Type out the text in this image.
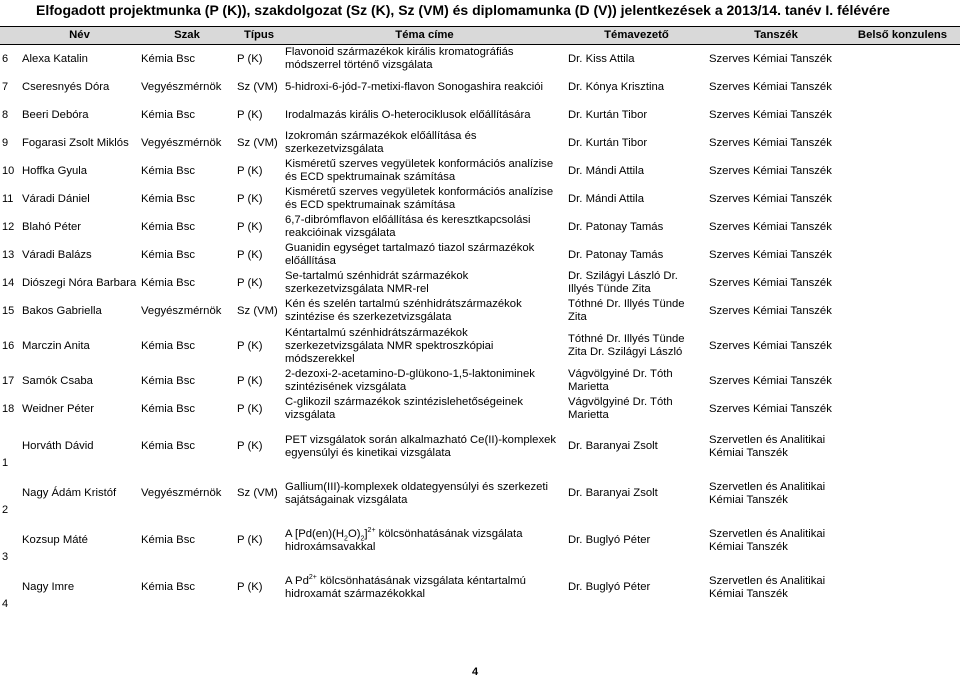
Elfogadott projektmunka (P (K)), szakdolgozat (Sz (K), Sz (VM) és diplomamunka (D (V)) jelentkezések a 2013/14. tanév I. félévére
	Név	Szak	Típus	Téma címe	Témavezető	Tanszék	Belső konzulens
6	Alexa Katalin	Kémia Bsc	P (K)	Flavonoid származékok királis kromatográfiás módszerrel történő vizsgálata	Dr. Kiss Attila	Szerves Kémiai Tanszék	
7	Cseresnyés Dóra	Vegyészmérnök	Sz (VM)	5-hidroxi-6-jód-7-metixi-flavon Sonogashira reakciói	Dr. Kónya Krisztina	Szerves Kémiai Tanszék	
8	Beeri Debóra	Kémia Bsc	P (K)	Irodalmazás királis O-heterociklusok előállítására	Dr. Kurtán Tibor	Szerves Kémiai Tanszék	
9	Fogarasi Zsolt Miklós	Vegyészmérnök	Sz (VM)	Izokromán származékok előállítása és szerkezetvizsgálata	Dr. Kurtán Tibor	Szerves Kémiai Tanszék	
10	Hoffka Gyula	Kémia Bsc	P (K)	Kisméretű szerves vegyületek konformációs analízise és ECD spektrumainak számítása	Dr. Mándi Attila	Szerves Kémiai Tanszék	
11	Váradi Dániel	Kémia Bsc	P (K)	Kisméretű szerves vegyületek konformációs analízise és ECD spektrumainak számítása	Dr. Mándi Attila	Szerves Kémiai Tanszék	
12	Blahó Péter	Kémia Bsc	P (K)	6,7-dibrómflavon előállítása és keresztkapcsolási reakcióinak vizsgálata	Dr. Patonay Tamás	Szerves Kémiai Tanszék	
13	Váradi Balázs	Kémia Bsc	P (K)	Guanidin egységet tartalmazó tiazol származékok előállítása	Dr. Patonay Tamás	Szerves Kémiai Tanszék	
14	Diószegi Nóra Barbara	Kémia Bsc	P (K)	Se-tartalmú szénhidrát származékok szerkezetvizsgálata NMR-rel	Dr. Szilágyi László Dr. Illyés Tünde Zita	Szerves Kémiai Tanszék	
15	Bakos Gabriella	Vegyészmérnök	Sz (VM)	Kén és szelén tartalmú szénhidrátszármazékok szintézise és szerkezetvizsgálata	Tóthné Dr. Illyés Tünde Zita	Szerves Kémiai Tanszék	
16	Marczin Anita	Kémia Bsc	P (K)	Kéntartalmú szénhidrátszármazékok szerkezetvizsgálata NMR spektroszkópiai módszerekkel	Tóthné Dr. Illyés Tünde Zita Dr. Szilágyi László	Szerves Kémiai Tanszék	
17	Samók Csaba	Kémia Bsc	P (K)	2-dezoxi-2-acetamino-D-glükono-1,5-laktoniminek szintézisének vizsgálata	Vágvölgyiné Dr. Tóth Marietta	Szerves Kémiai Tanszék	
18	Weidner Péter	Kémia Bsc	P (K)	C-glikozil származékok szintézislehetőségeinek vizsgálata	Vágvölgyiné Dr. Tóth Marietta	Szerves Kémiai Tanszék	
1	Horváth Dávid	Kémia Bsc	P (K)	PET vizsgálatok során alkalmazható Ce(II)-komplexek egyensúlyi és kinetikai vizsgálata	Dr. Baranyai Zsolt	Szervetlen és Analitikai Kémiai Tanszék	
2	Nagy Ádám Kristóf	Vegyészmérnök	Sz (VM)	Gallium(III)-komplexek oldategyensúlyi és szerkezeti sajátságainak vizsgálata	Dr. Baranyai Zsolt	Szervetlen és Analitikai Kémiai Tanszék	
3	Kozsup Máté	Kémia Bsc	P (K)	A $[Pd(en)(H_2O)_2]^{2+}$ kölcsönhatásának vizsgálata hidroxámsavakkal	Dr. Buglyó Péter	Szervetlen és Analitikai Kémiai Tanszék	
4	Nagy Imre	Kémia Bsc	P (K)	A $Pd^{2+}$ kölcsönhatásának vizsgálata kéntartalmú hidroxamát származékokkal	Dr. Buglyó Péter	Szervetlen és Analitikai Kémiai Tanszék	
4
